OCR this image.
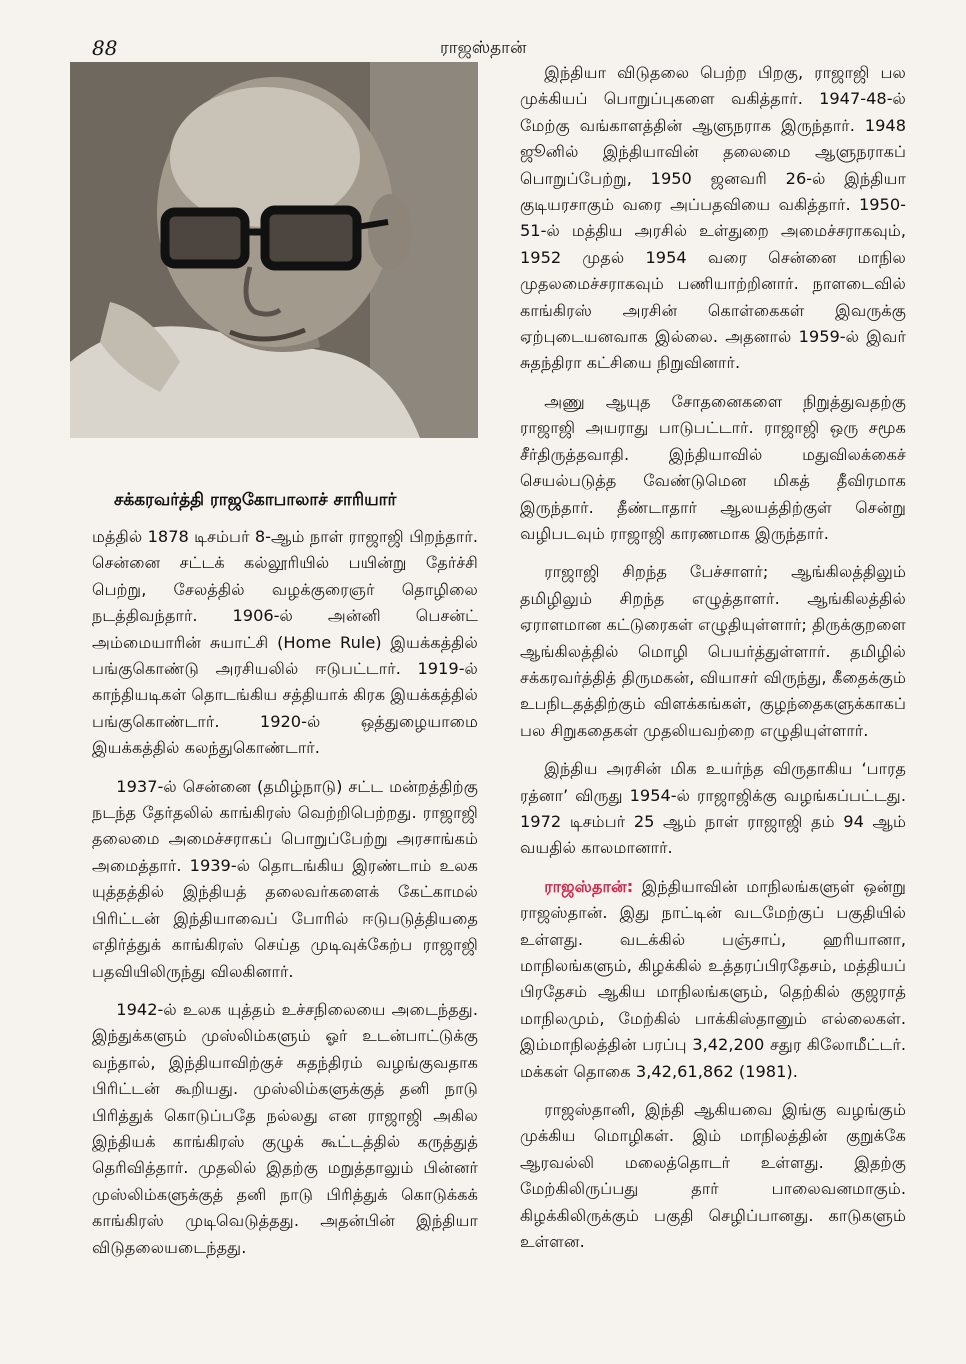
88	ராஜஸ்தான்
சக்கரவர்த்தி ராஜகோபாலாச் சாரியார்

மத்தில் 1878 டிசம்பர் 8-ஆம் நாள் ராஜாஜி பிறந்தார். சென்னை சட்டக் கல்லூரியில் பயின்று தேர்ச்சி பெற்று, சேலத்தில் வழக்குரைஞர் தொழிலை நடத்திவந்தார். 1906-ல் அன்னி பெசன்ட் அம்மையாரின் சுயாட்சி (Home Rule) இயக்கத்தில் பங்குகொண்டு அரசியலில் ஈடுபட்டார். 1919-ல் காந்தியடிகள் தொடங்கிய சத்தியாக் கிரக இயக்கத்தில் பங்குகொண்டார். 1920-ல் ஒத்துழையாமை இயக்கத்தில் கலந்துகொண்டார்.

1937-ல் சென்னை (தமிழ்நாடு) சட்ட மன்றத்திற்கு நடந்த தேர்தலில் காங்கிரஸ் வெற்றிபெற்றது. ராஜாஜி தலைமை அமைச்சராகப் பொறுப்பேற்று அரசாங்கம் அமைத்தார். 1939-ல் தொடங்கிய இரண்டாம் உலக யுத்தத்தில் இந்தியத் தலைவர்களைக் கேட்காமல் பிரிட்டன் இந்தியாவைப் போரில் ஈடுபடுத்தியதை எதிர்த்துக் காங்கிரஸ் செய்த முடிவுக்கேற்ப ராஜாஜி பதவியிலிருந்து விலகினார்.

1942-ல் உலக யுத்தம் உச்சநிலையை அடைந்தது. இந்துக்களும் முஸ்லிம்களும் ஓர் உடன்பாட்டுக்கு வந்தால், இந்தியாவிற்குச் சுதந்திரம் வழங்குவதாக பிரிட்டன் கூறியது. முஸ்லிம்களுக்குத் தனி நாடு பிரித்துக் கொடுப்பதே நல்லது என ராஜாஜி அகில இந்தியக் காங்கிரஸ் குழுக் கூட்டத்தில் கருத்துத் தெரிவித்தார். முதலில் இதற்கு மறுத்தாலும் பின்னர் முஸ்லிம்களுக்குத் தனி நாடு பிரித்துக் கொடுக்கக் காங்கிரஸ் முடிவெடுத்தது. அதன்பின் இந்தியா விடுதலையடைந்தது.

இந்தியா விடுதலை பெற்ற பிறகு, ராஜாஜி பல முக்கியப் பொறுப்புகளை வகித்தார். 1947-48-ல் மேற்கு வங்காளத்தின் ஆளுநராக இருந்தார். 1948 ஜூனில் இந்தியாவின் தலைமை ஆளுநராகப் பொறுப்பேற்று, 1950 ஜனவரி 26-ல் இந்தியா குடியரசாகும் வரை அப்பதவியை வகித்தார். 1950-51-ல் மத்திய அரசில் உள்துறை அமைச்சராகவும், 1952 முதல் 1954 வரை சென்னை மாநில முதலமைச்சராகவும் பணியாற்றினார். நாளடைவில் காங்கிரஸ் அரசின் கொள்கைகள் இவருக்கு ஏற்புடையனவாக இல்லை. அதனால் 1959-ல் இவர் சுதந்திரா கட்சியை நிறுவினார்.

அணு ஆயுத சோதனைகளை நிறுத்துவதற்கு ராஜாஜி அயராது பாடுபட்டார். ராஜாஜி ஒரு சமூக சீர்திருத்தவாதி. இந்தியாவில் மதுவிலக்கைச் செயல்படுத்த வேண்டுமென மிகத் தீவிரமாக இருந்தார். தீண்டாதார் ஆலயத்திற்குள் சென்று வழிபடவும் ராஜாஜி காரணமாக இருந்தார்.

ராஜாஜி சிறந்த பேச்சாளர்; ஆங்கிலத்திலும் தமிழிலும் சிறந்த எழுத்தாளர். ஆங்கிலத்தில் ஏராளமான கட்டுரைகள் எழுதியுள்ளார்; திருக்குறளை ஆங்கிலத்தில் மொழி பெயர்த்துள்ளார். தமிழில் சக்கரவர்த்தித் திருமகன், வியாசர் விருந்து, கீதைக்கும் உபநிடதத்திற்கும் விளக்கங்கள், குழந்தைகளுக்காகப் பல சிறுகதைகள் முதலியவற்றை எழுதியுள்ளார்.

இந்திய அரசின் மிக உயர்ந்த விருதாகிய ‘பாரத ரத்னா’ விருது 1954-ல் ராஜாஜிக்கு வழங்கப்பட்டது. 1972 டிசம்பர் 25 ஆம் நாள் ராஜாஜி தம் 94 ஆம் வயதில் காலமானார்.

ராஜஸ்தான்: இந்தியாவின் மாநிலங்களுள் ஒன்று ராஜஸ்தான். இது நாட்டின் வடமேற்குப் பகுதியில் உள்ளது. வடக்கில் பஞ்சாப், ஹரியானா, மாநிலங்களும், கிழக்கில் உத்தரப்பிரதேசம், மத்தியப் பிரதேசம் ஆகிய மாநிலங்களும், தெற்கில் குஜராத் மாநிலமும், மேற்கில் பாக்கிஸ்தானும் எல்லைகள். இம்மாநிலத்தின் பரப்பு 3,42,200 சதுர கிலோமீட்டர். மக்கள் தொகை 3,42,61,862 (1981).

ராஜஸ்தானி, இந்தி ஆகியவை இங்கு வழங்கும் முக்கிய மொழிகள். இம் மாநிலத்தின் குறுக்கே ஆரவல்லி மலைத்தொடர் உள்ளது. இதற்கு மேற்கிலிருப்பது தார் பாலைவனமாகும். கிழக்கிலிருக்கும் பகுதி செழிப்பானது. காடுகளும் உள்ளன.
